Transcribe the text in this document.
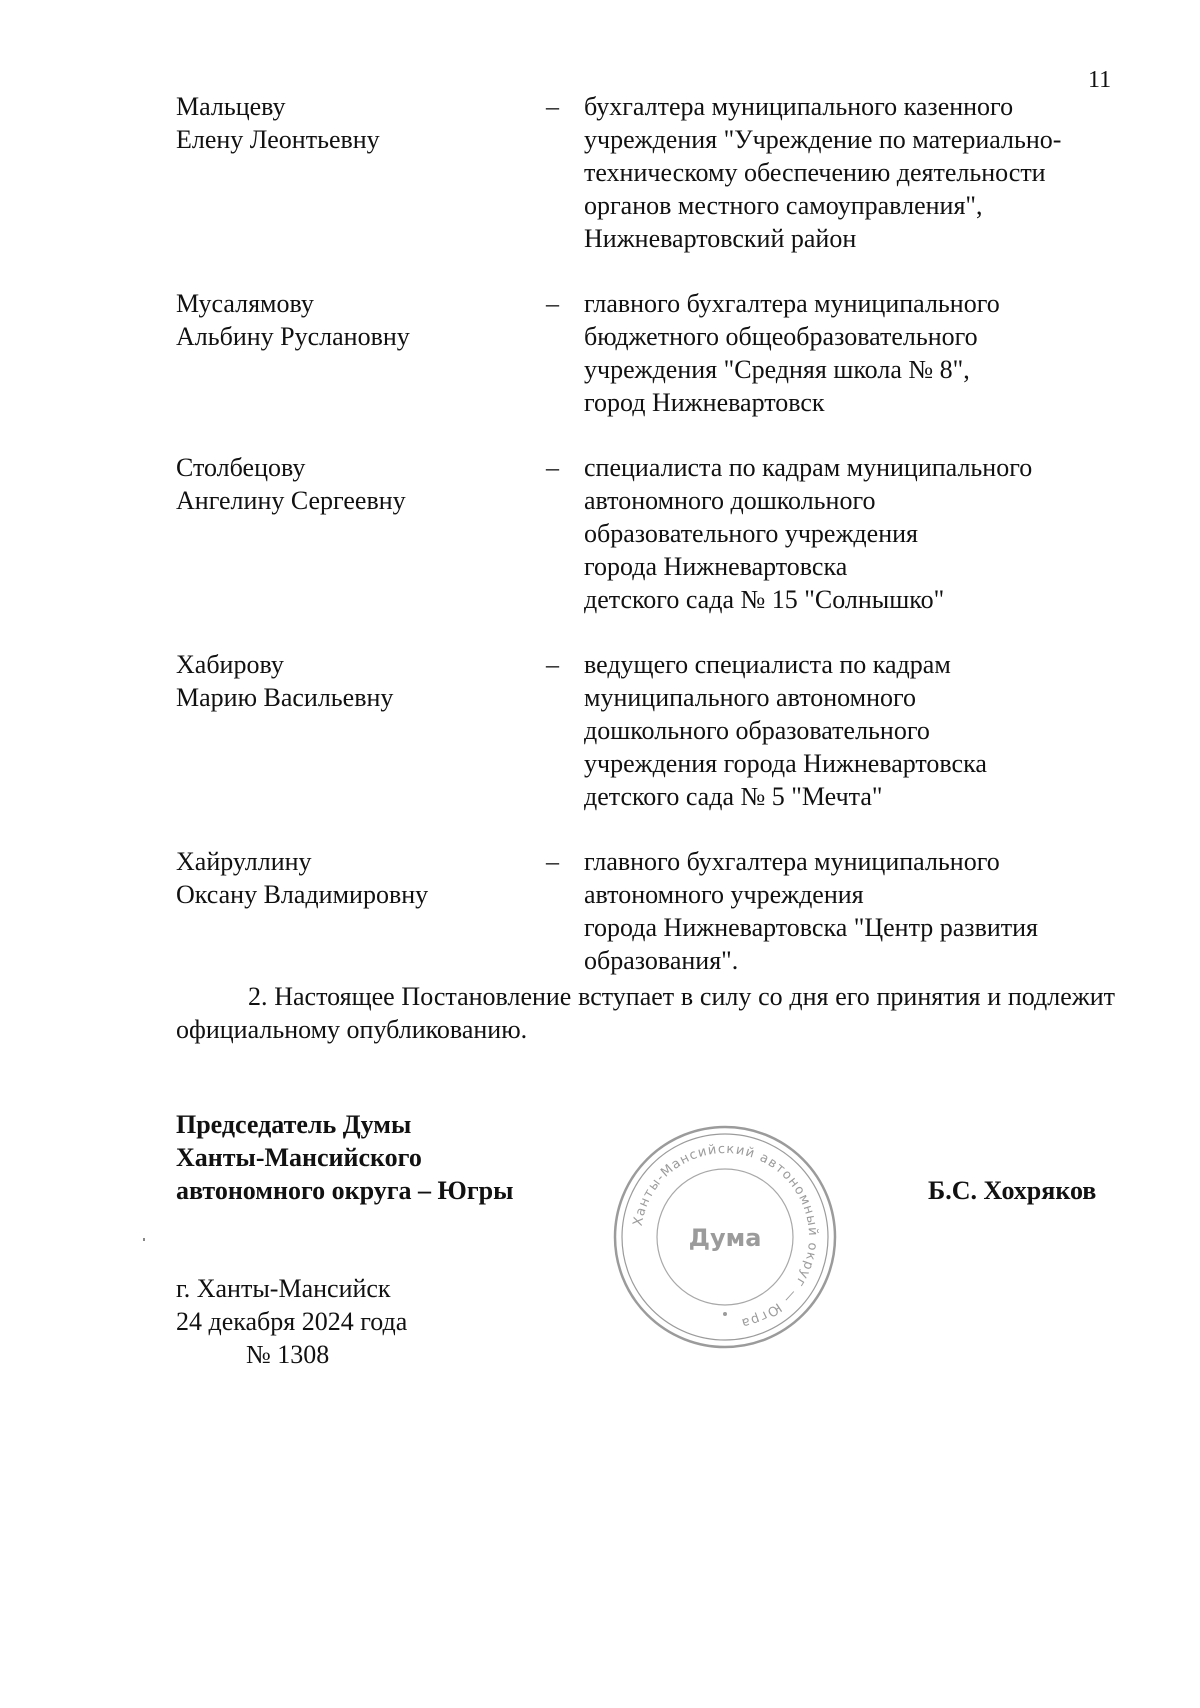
11
Мальцеву
Елену Леонтьевну
– бухгалтера муниципального казенного
учреждения "Учреждение по материально-
техническому обеспечению деятельности
органов местного самоуправления",
Нижневартовский район
Мусалямову
Альбину Руслановну
– главного бухгалтера муниципального
бюджетного общеобразовательного
учреждения "Средняя школа № 8",
город Нижневартовск
Столбецову
Ангелину Сергеевну
– специалиста по кадрам муниципального
автономного дошкольного
образовательного учреждения
города Нижневартовска
детского сада № 15 "Солнышко"
Хабирову
Марию Васильевну
– ведущего специалиста по кадрам
муниципального автономного
дошкольного образовательного
учреждения города Нижневартовска
детского сада № 5 "Мечта"
Хайруллину
Оксану Владимировну
– главного бухгалтера муниципального
автономного учреждения
города Нижневартовска "Центр развития
образования".
2. Настоящее Постановление вступает в силу со дня его принятия и подлежит официальному опубликованию.
Председатель Думы
Ханты-Мансийского
автономного округа – Югры
Ханты-Мансийский автономный округ — Югра
Дума
Б.С. Хохряков
г. Ханты-Мансийск
24 декабря 2024 года
№ 1308
